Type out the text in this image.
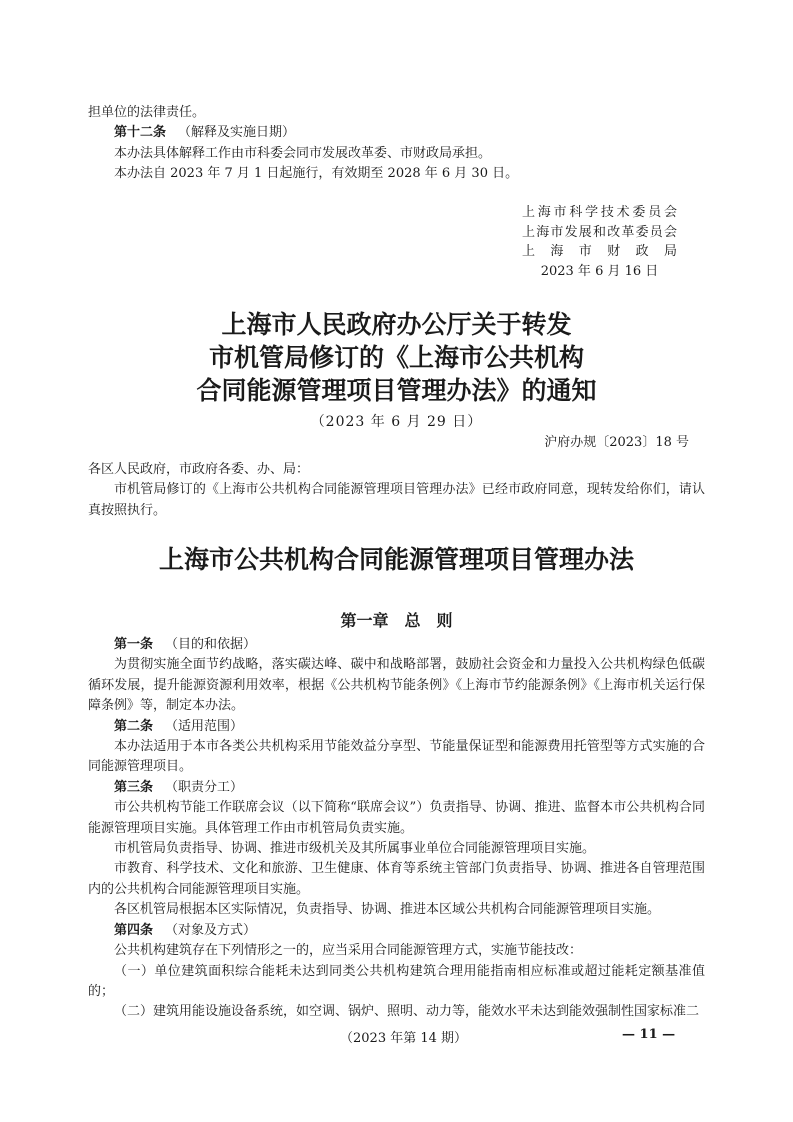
担单位的法律责任。

第十二条 （解释及实施日期）

本办法具体解释工作由市科委会同市发展改革委、市财政局承担。

本办法自 2023 年 7 月 1 日起施行，有效期至 2028 年 6 月 30 日。

上海市科学技术委员会
上海市发展和改革委员会
上海市财政局
2023 年 6 月 16 日
上海市人民政府办公厅关于转发
市机管局修订的《上海市公共机构
合同能源管理项目管理办法》的通知
（2023 年 6 月 29 日）
沪府办规〔2023〕18 号

各区人民政府，市政府各委、办、局：

市机管局修订的《上海市公共机构合同能源管理项目管理办法》已经市政府同意，现转发给你们，请认真按照执行。

上海市公共机构合同能源管理项目管理办法
第一章　总　则

第一条 （目的和依据）

为贯彻实施全面节约战略，落实碳达峰、碳中和战略部署，鼓励社会资金和力量投入公共机构绿色低碳循环发展，提升能源资源利用效率，根据《公共机构节能条例》《上海市节约能源条例》《上海市机关运行保障条例》等，制定本办法。

第二条 （适用范围）

本办法适用于本市各类公共机构采用节能效益分享型、节能量保证型和能源费用托管型等方式实施的合同能源管理项目。

第三条 （职责分工）

市公共机构节能工作联席会议（以下简称“联席会议”）负责指导、协调、推进、监督本市公共机构合同能源管理项目实施。具体管理工作由市机管局负责实施。

市机管局负责指导、协调、推进市级机关及其所属事业单位合同能源管理项目实施。

市教育、科学技术、文化和旅游、卫生健康、体育等系统主管部门负责指导、协调、推进各自管理范围内的公共机构合同能源管理项目实施。

各区机管局根据本区实际情况，负责指导、协调、推进本区域公共机构合同能源管理项目实施。

第四条 （对象及方式）

公共机构建筑存在下列情形之一的，应当采用合同能源管理方式，实施节能技改：

（一）单位建筑面积综合能耗未达到同类公共机构建筑合理用能指南相应标准或超过能耗定额基准值的；

（二）建筑用能设施设备系统，如空调、锅炉、照明、动力等，能效水平未达到能效强制性国家标准二

（2023 年第 14 期）	— 11 —
